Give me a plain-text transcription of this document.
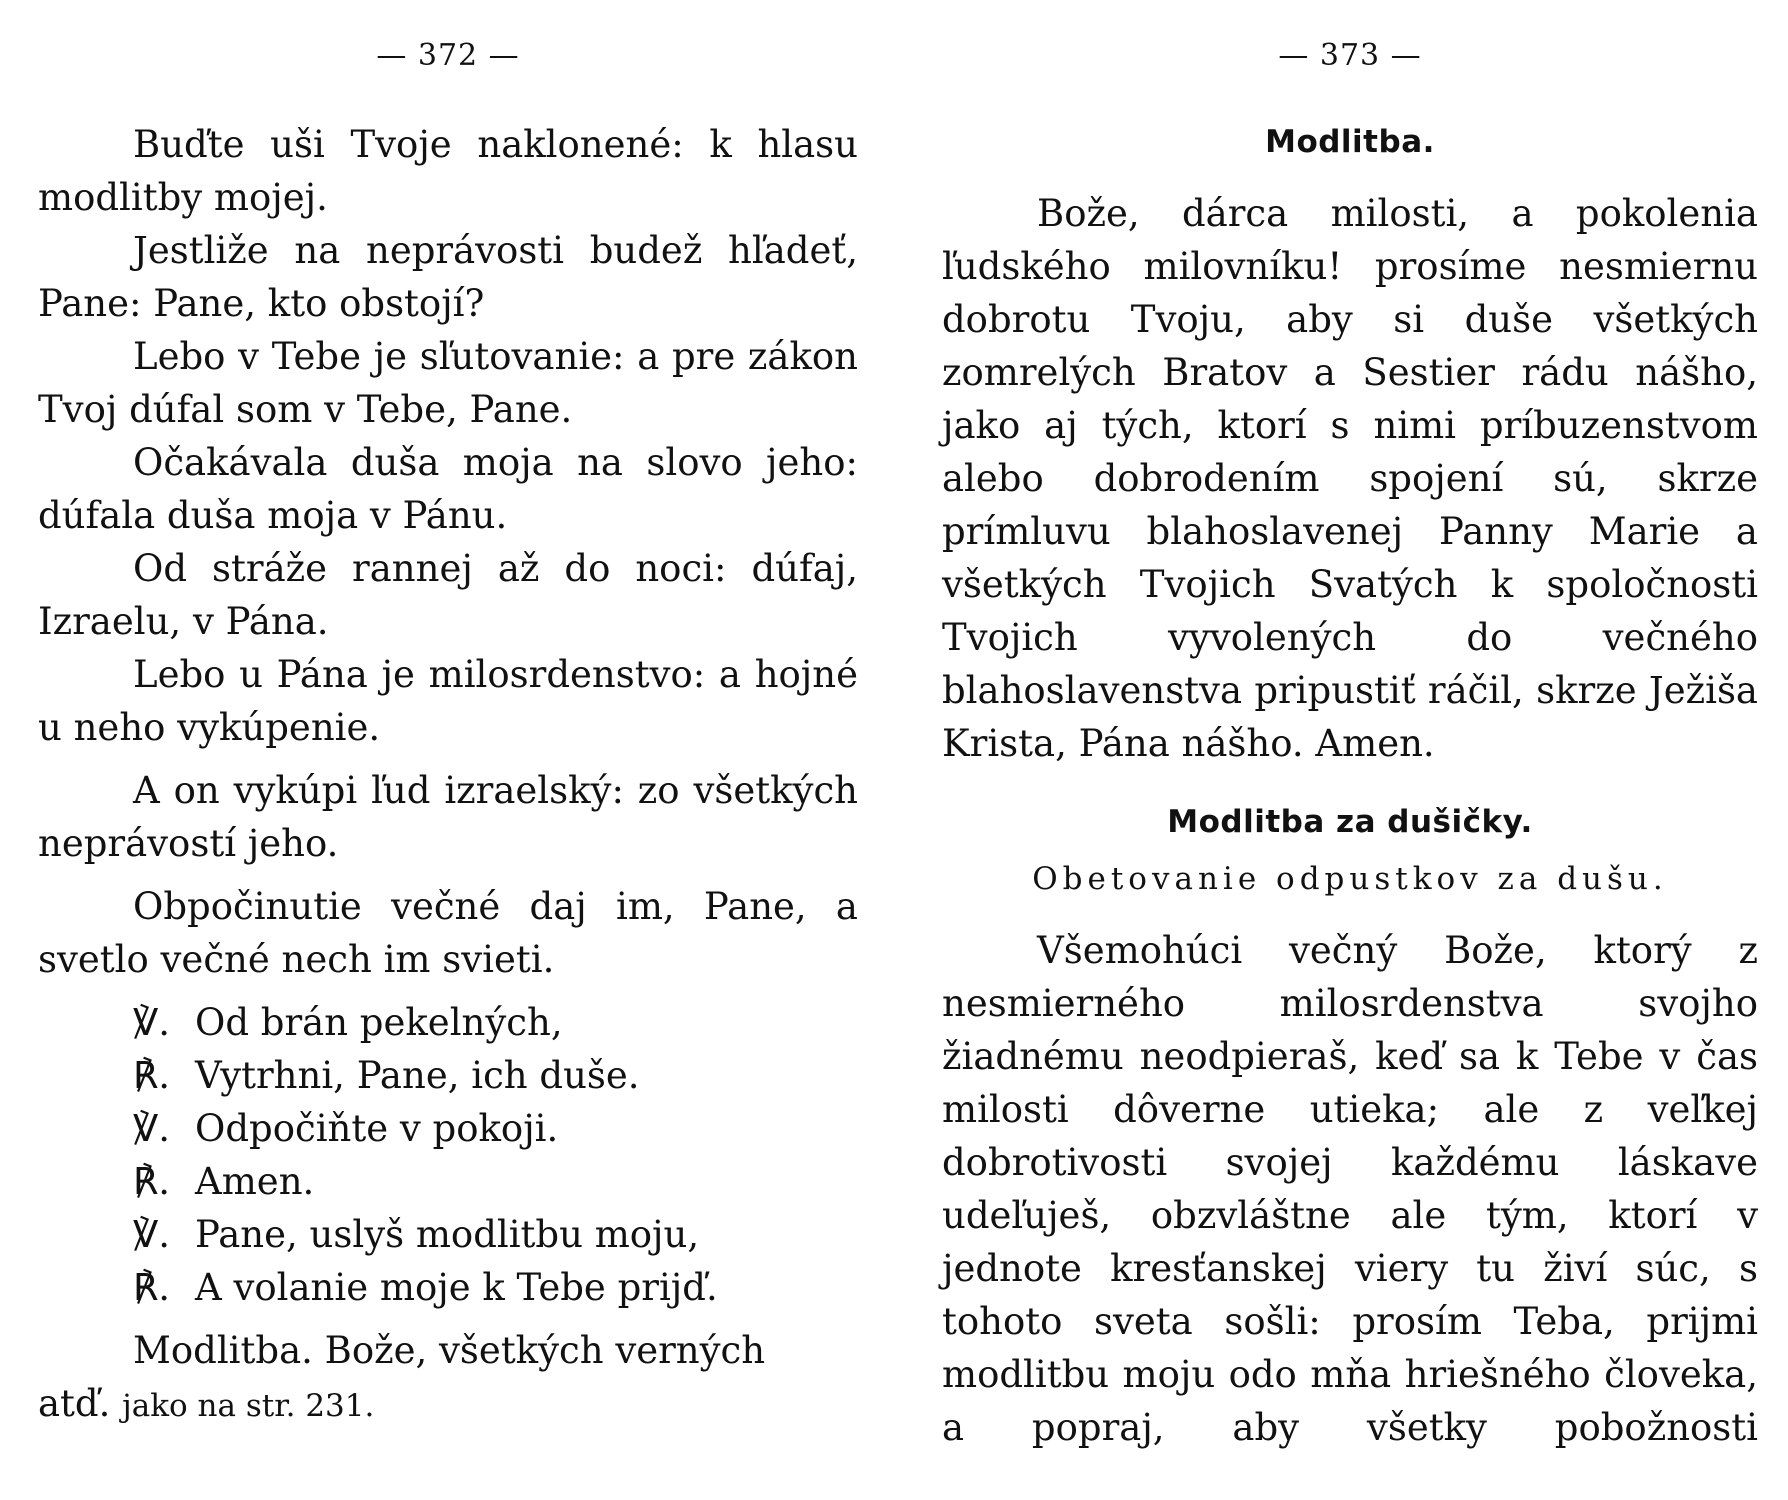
— 372 —

Buďte uši Tvoje naklonené: k hlasu modlitby mojej.

Jestliže na neprávosti budež hľadeť, Pane: Pane, kto obstojí?

Lebo v Tebe je sľutovanie: a pre zákon Tvoj dúfal som v Tebe, Pane.

Očakávala duša moja na slovo jeho: dúfala duša moja v Pánu.

Od stráže rannej až do noci: dúfaj, Izraelu, v Pána.

Lebo u Pána je milosrdenstvo: a hojné u neho vykúpenie.

A on vykúpi ľud izraelský: zo všetkých neprávostí jeho.

Obpočinutie večné daj im, Pane, a svetlo večné nech im svieti.

℣. Od brán pekelných,

℟. Vytrhni, Pane, ich duše.

℣. Odpočiňte v pokoji.

℟. Amen.

℣. Pane, uslyš modlitbu moju,

℟. A volanie moje k Tebe prijď.

Modlitba. Bože, všetkých verných

atď. jako na str. 231.

— 373 —

Modlitba.

Bože, dárca milosti, a pokolenia ľudského milovníku! prosíme nesmiernu dobrotu Tvoju, aby si duše všetkých zomrelých Bratov a Sestier rádu nášho, jako aj tých, ktorí s nimi príbuzenstvom alebo dobrodením spojení sú, skrze prímluvu blahoslavenej Panny Marie a všetkých Tvojich Svatých k spoločnosti Tvojich vyvolených do večného blahoslavenstva pripustiť ráčil, skrze Ježiša Krista, Pána nášho. Amen.

Modlitba za dušičky.

Obetovanie odpustkov za dušu.

Všemohúci večný Bože, ktorý z nesmierného milosrdenstva svojho žiadnému neodpieraš, keď sa k Tebe v čas milosti dôverne utieka; ale z veľkej dobrotivosti svojej každému láskave udeľuješ, obzvláštne ale tým, ktorí v jednote kresťanskej viery tu živí súc, s tohoto sveta sošli: prosím Teba, prijmi modlitbu moju odo mňa hriešného človeka, a popraj, aby všetky pobožnosti
